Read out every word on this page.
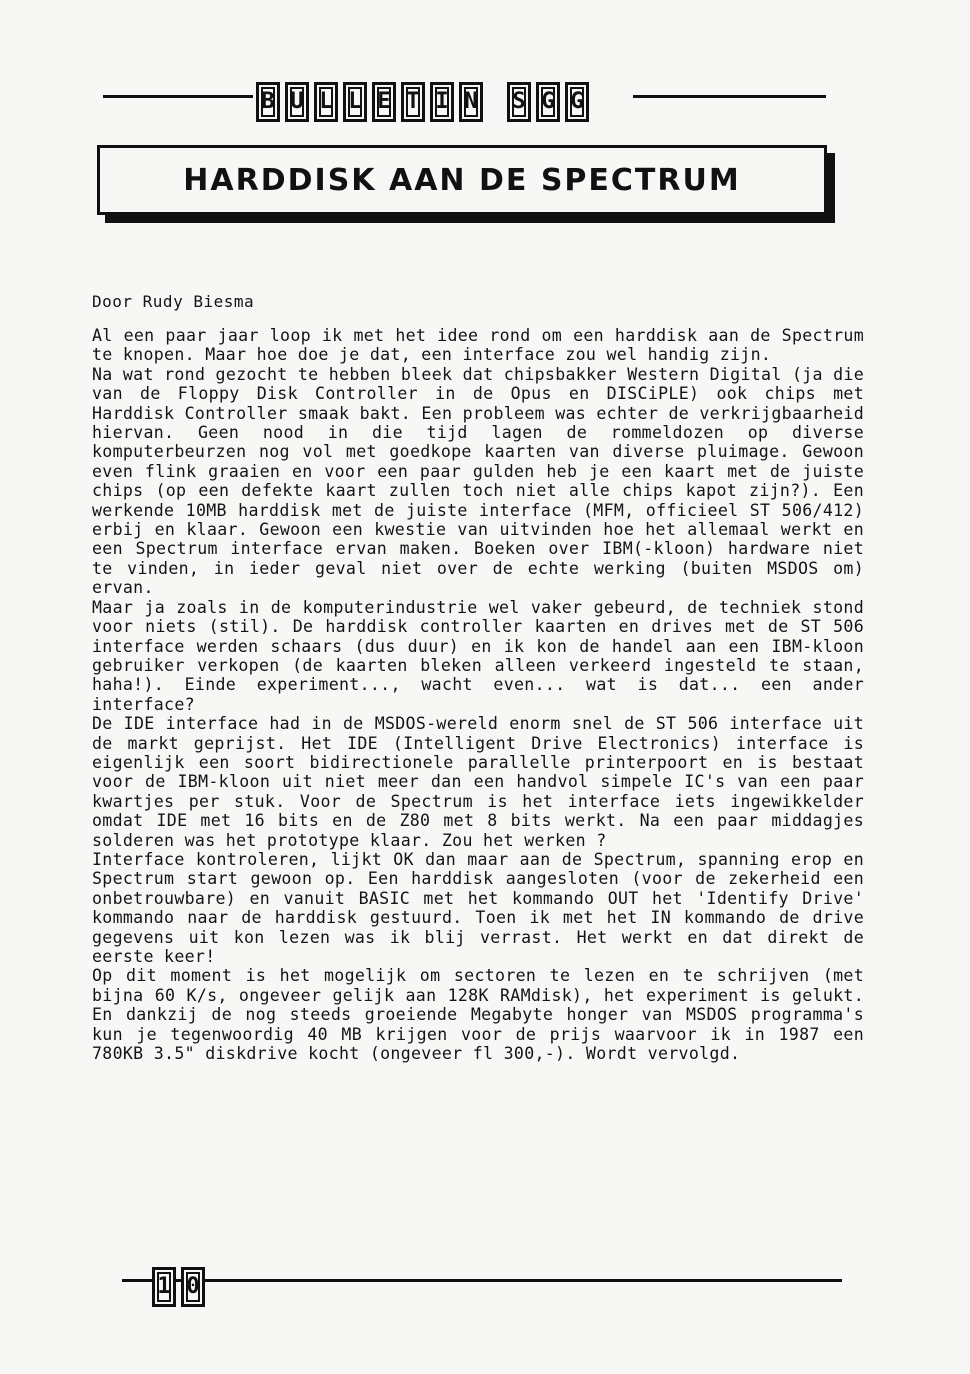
B U L L E T I N S G G
HARDDISK AAN DE SPECTRUM
Door Rudy Biesma

Al een paar jaar loop ik met het idee rond om een harddisk aan de Spectrum te knopen. Maar hoe doe je dat, een interface zou wel handig zijn.

Na wat rond gezocht te hebben bleek dat chipsbakker Western Digital (ja die van de Floppy Disk Controller in de Opus en DISCiPLE) ook chips met Harddisk Controller smaak bakt. Een probleem was echter de verkrijgbaarheid hiervan. Geen nood in die tijd lagen de rommeldozen op diverse komputerbeurzen nog vol met goedkope kaarten van diverse pluimage. Gewoon even flink graaien en voor een paar gulden heb je een kaart met de juiste chips (op een defekte kaart zullen toch niet alle chips kapot zijn?). Een werkende 10MB harddisk met de juiste interface (MFM, officieel ST 506/412) erbij en klaar. Gewoon een kwestie van uitvinden hoe het allemaal werkt en een Spectrum interface ervan maken. Boeken over IBM(-kloon) hardware niet te vinden, in ieder geval niet over de echte werking (buiten MSDOS om) ervan.

Maar ja zoals in de komputerindustrie wel vaker gebeurd, de techniek stond voor niets (stil). De harddisk controller kaarten en drives met de ST 506 interface werden schaars (dus duur) en ik kon de handel aan een IBM-kloon gebruiker verkopen (de kaarten bleken alleen verkeerd ingesteld te staan, haha!). Einde experiment..., wacht even... wat is dat... een ander interface?

De IDE interface had in de MSDOS-wereld enorm snel de ST 506 interface uit de markt geprijst. Het IDE (Intelligent Drive Electronics) interface is eigenlijk een soort bidirectionele parallelle printerpoort en is bestaat voor de IBM-kloon uit niet meer dan een handvol simpele IC's van een paar kwartjes per stuk. Voor de Spectrum is het interface iets ingewikkelder omdat IDE met 16 bits en de Z80 met 8 bits werkt. Na een paar middagjes solderen was het prototype klaar. Zou het werken ?

Interface kontroleren, lijkt OK dan maar aan de Spectrum, spanning erop en Spectrum start gewoon op. Een harddisk aangesloten (voor de zekerheid een onbetrouwbare) en vanuit BASIC met het kommando OUT het 'Identify Drive' kommando naar de harddisk gestuurd. Toen ik met het IN kommando de drive gegevens uit kon lezen was ik blij verrast. Het werkt en dat direkt de eerste keer!

Op dit moment is het mogelijk om sectoren te lezen en te schrijven (met bijna 60 K/s, ongeveer gelijk aan 128K RAMdisk), het experiment is gelukt. En dankzij de nog steeds groeiende Megabyte honger van MSDOS programma's kun je tegenwoordig 40 MB krijgen voor de prijs waarvoor ik in 1987 een 780KB 3.5" diskdrive kocht (ongeveer fl 300,-). Wordt vervolgd.

1 0
